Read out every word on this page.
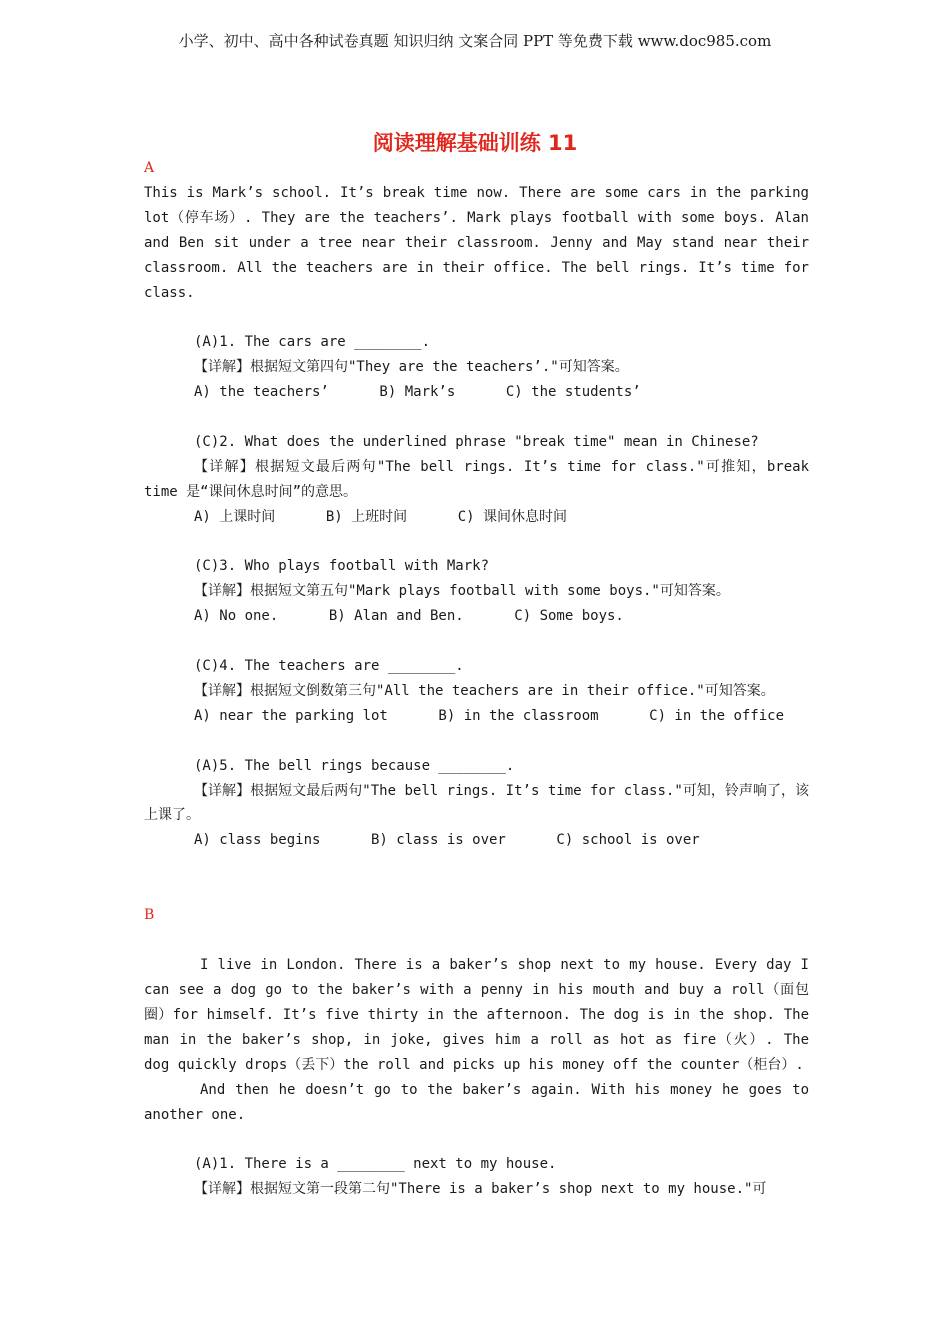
小学、初中、高中各种试卷真题 知识归纳 文案合同 PPT 等免费下载 www.doc985.com
阅读理解基础训练 11
A
This is Mark’s school. It’s break time now. There are some cars in the parking lot（停车场）. They are the teachers’. Mark plays football with some boys. Alan and Ben sit under a tree near their classroom. Jenny and May stand near their classroom. All the teachers are in their office. The bell rings. It’s time for class.
(A)1. The cars are ________.
【详解】根据短文第四句"They are the teachers’."可知答案。
A) the teachers’      B) Mark’s      C) the students’
(C)2. What does the underlined phrase "break time" mean in Chinese?
【详解】根据短文最后两句"The bell rings. It’s time for class."可推知，break time 是“课间休息时间”的意思。
A) 上课时间      B) 上班时间      C) 课间休息时间
(C)3. Who plays football with Mark?
【详解】根据短文第五句"Mark plays football with some boys."可知答案。
A) No one.      B) Alan and Ben.      C) Some boys.
(C)4. The teachers are ________.
【详解】根据短文倒数第三句"All the teachers are in their office."可知答案。
A) near the parking lot      B) in the classroom      C) in the office
(A)5. The bell rings because ________.
【详解】根据短文最后两句"The bell rings. It’s time for class."可知，铃声响了，该上课了。
A) class begins      B) class is over      C) school is over
B
I live in London. There is a baker’s shop next to my house. Every day I can see a dog go to the baker’s with a penny in his mouth and buy a roll（面包圈）for himself. It’s five thirty in the afternoon. The dog is in the shop. The man in the baker’s shop, in joke, gives him a roll as hot as fire（火）. The dog quickly drops（丢下）the roll and picks up his money off the counter（柜台）.
And then he doesn’t go to the baker’s again. With his money he goes to another one.
(A)1. There is a ________ next to my house.
【详解】根据短文第一段第二句"There is a baker’s shop next to my house."可
